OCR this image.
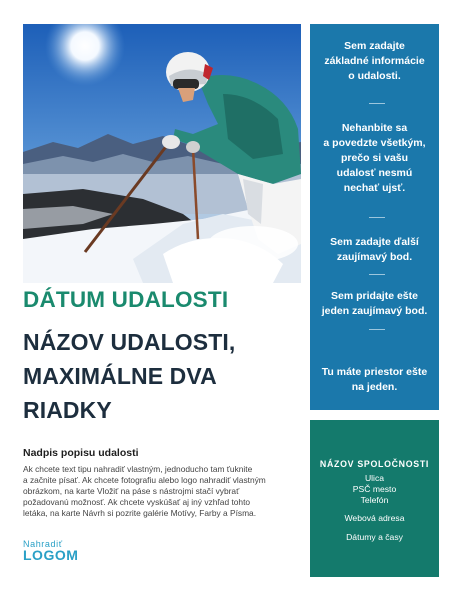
Sem zadajte
základné informácie
o udalosti.
Nehanbite sa
a povedzte všetkým,
prečo si vašu
udalosť nesmú
nechať ujsť.
Sem zadajte ďalší
zaujímavý bod.
Sem pridajte ešte
jeden zaujímavý bod.
Tu máte priestor ešte
na jeden.
DÁTUM UDALOSTI
NÁZOV UDALOSTI,
MAXIMÁLNE DVA
RIADKY
Nadpis popisu udalosti
Ak chcete text tipu nahradiť vlastným, jednoducho tam ťuknite
a začnite písať. Ak chcete fotografiu alebo logo nahradiť vlastným
obrázkom, na karte Vložiť na páse s nástrojmi stačí vybrať
požadovanú možnosť. Ak chcete vyskúšať aj iný vzhľad tohto
letáka, na karte Návrh si pozrite galérie Motívy, Farby a Písma.
Nahradiť
LOGOM
NÁZOV SPOLOČNOSTI
Ulica
PSČ mesto
Telefón
Webová adresa
Dátumy a časy
